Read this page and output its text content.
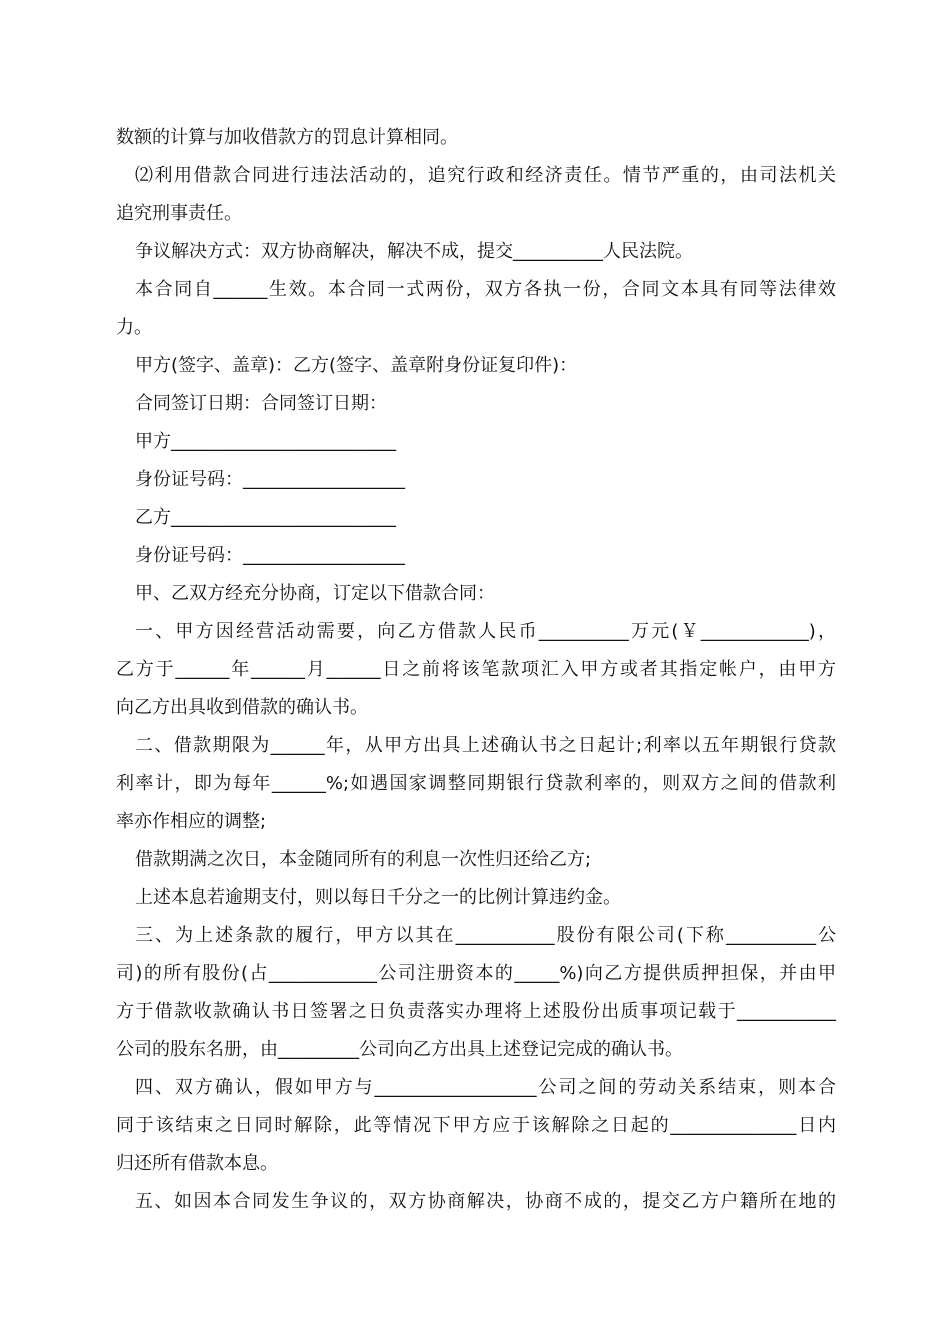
数额的计算与加收借款方的罚息计算相同。
⑵利用借款合同进行违法活动的，追究行政和经济责任。情节严重的，由司法机关
追究刑事责任。
争议解决方式：双方协商解决，解决不成，提交__________人民法院。
本合同自______生效。本合同一式两份，双方各执一份，合同文本具有同等法律效
力。
甲方(签字、盖章)：乙方(签字、盖章附身份证复印件)：
合同签订日期：合同签订日期：
甲方_________________________
身份证号码：__________________
乙方_________________________
身份证号码：__________________
甲、乙双方经充分协商，订定以下借款合同：
一、甲方因经营活动需要，向乙方借款人民币__________万元(￥____________)，
乙方于______年______月______日之前将该笔款项汇入甲方或者其指定帐户，由甲方
向乙方出具收到借款的确认书。
二、借款期限为______年，从甲方出具上述确认书之日起计;利率以五年期银行贷款
利率计，即为每年______%;如遇国家调整同期银行贷款利率的，则双方之间的借款利
率亦作相应的调整;
借款期满之次日，本金随同所有的利息一次性归还给乙方;
上述本息若逾期支付，则以每日千分之一的比例计算违约金。
三、为上述条款的履行，甲方以其在___________股份有限公司(下称__________公
司)的所有股份(占____________公司注册资本的_____%)向乙方提供质押担保，并由甲
方于借款收款确认书日签署之日负责落实办理将上述股份出质事项记载于___________
公司的股东名册，由_________公司向乙方出具上述登记完成的确认书。
四、双方确认，假如甲方与__________________公司之间的劳动关系结束，则本合
同于该结束之日同时解除，此等情况下甲方应于该解除之日起的______________日内
归还所有借款本息。
五、如因本合同发生争议的，双方协商解决，协商不成的，提交乙方户籍所在地的
